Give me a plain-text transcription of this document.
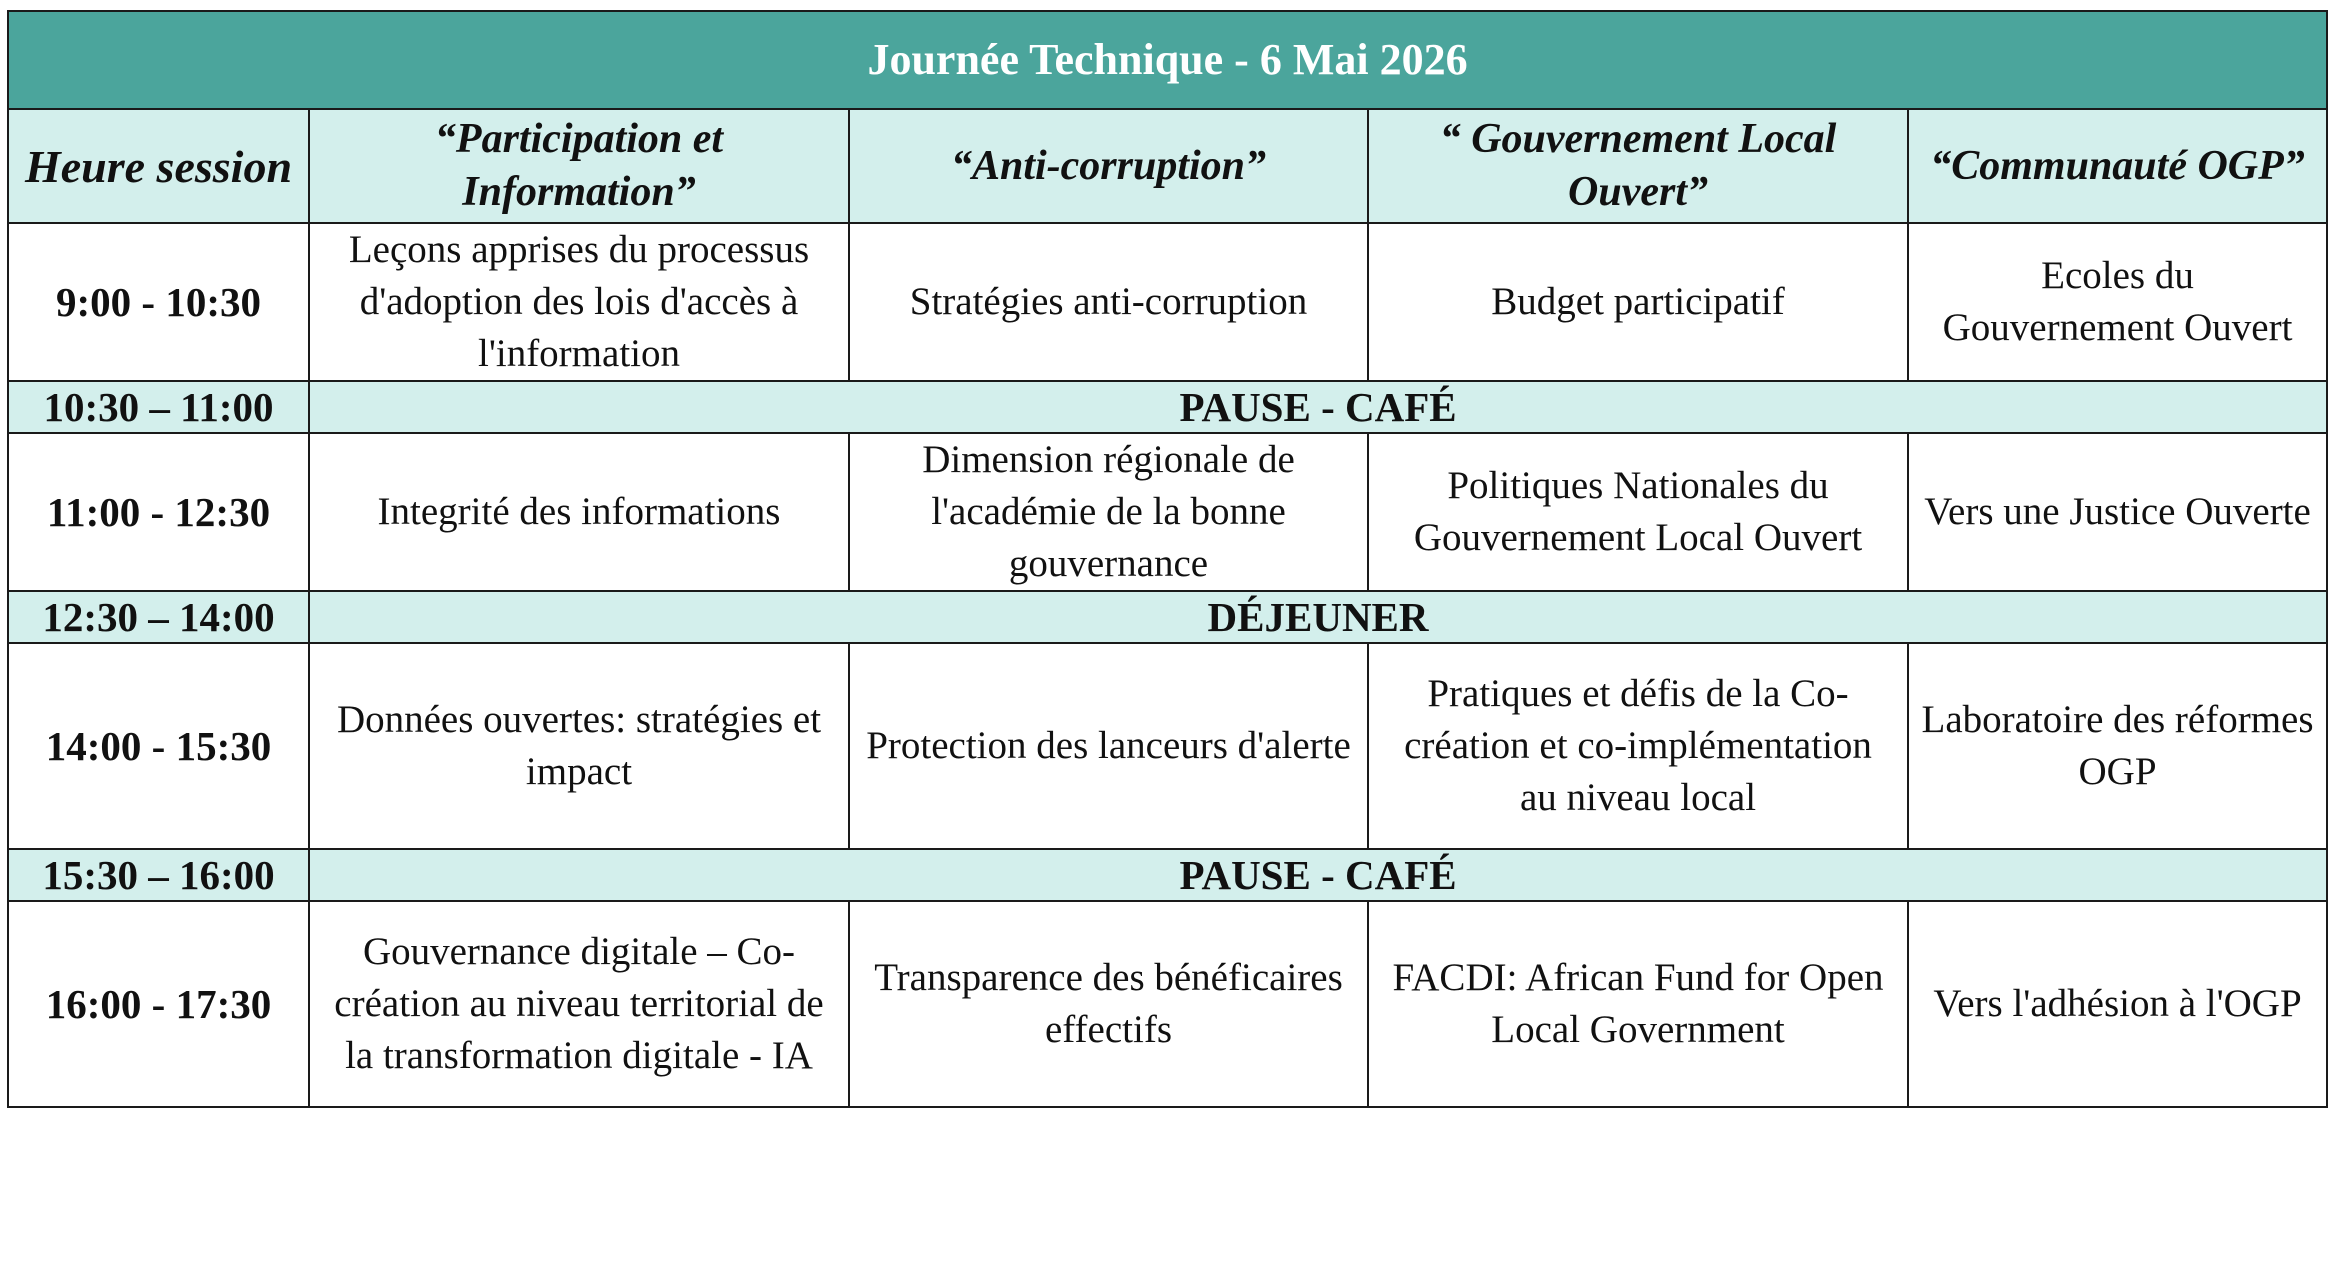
Journée Technique - 6 Mai 2026				
Heure session	“Participation et Information”	“Anti-corruption”	“ Gouvernement Local Ouvert”	“Communauté OGP”
9:00 - 10:30	Leçons apprises du processus d'adoption des lois d'accès à l'information	Stratégies anti-corruption	Budget participatif	Ecoles du Gouvernement Ouvert
10:30 – 11:00	PAUSE - CAFÉ			
11:00 - 12:30	Integrité des informations	Dimension régionale de l'académie de la bonne gouvernance	Politiques Nationales du Gouvernement Local Ouvert	Vers une Justice Ouverte
12:30 – 14:00	DÉJEUNER			
14:00 - 15:30	Données ouvertes: stratégies et impact	Protection des lanceurs d'alerte	Pratiques et défis de la Co-création et co-implémentation au niveau local	Laboratoire des réformes OGP
15:30 – 16:00	PAUSE - CAFÉ			
16:00 - 17:30	Gouvernance digitale – Co-création au niveau territorial de la transformation digitale - IA	Transparence des bénéficaires effectifs	FACDI: African Fund for Open Local Government	Vers l'adhésion à l'OGP
